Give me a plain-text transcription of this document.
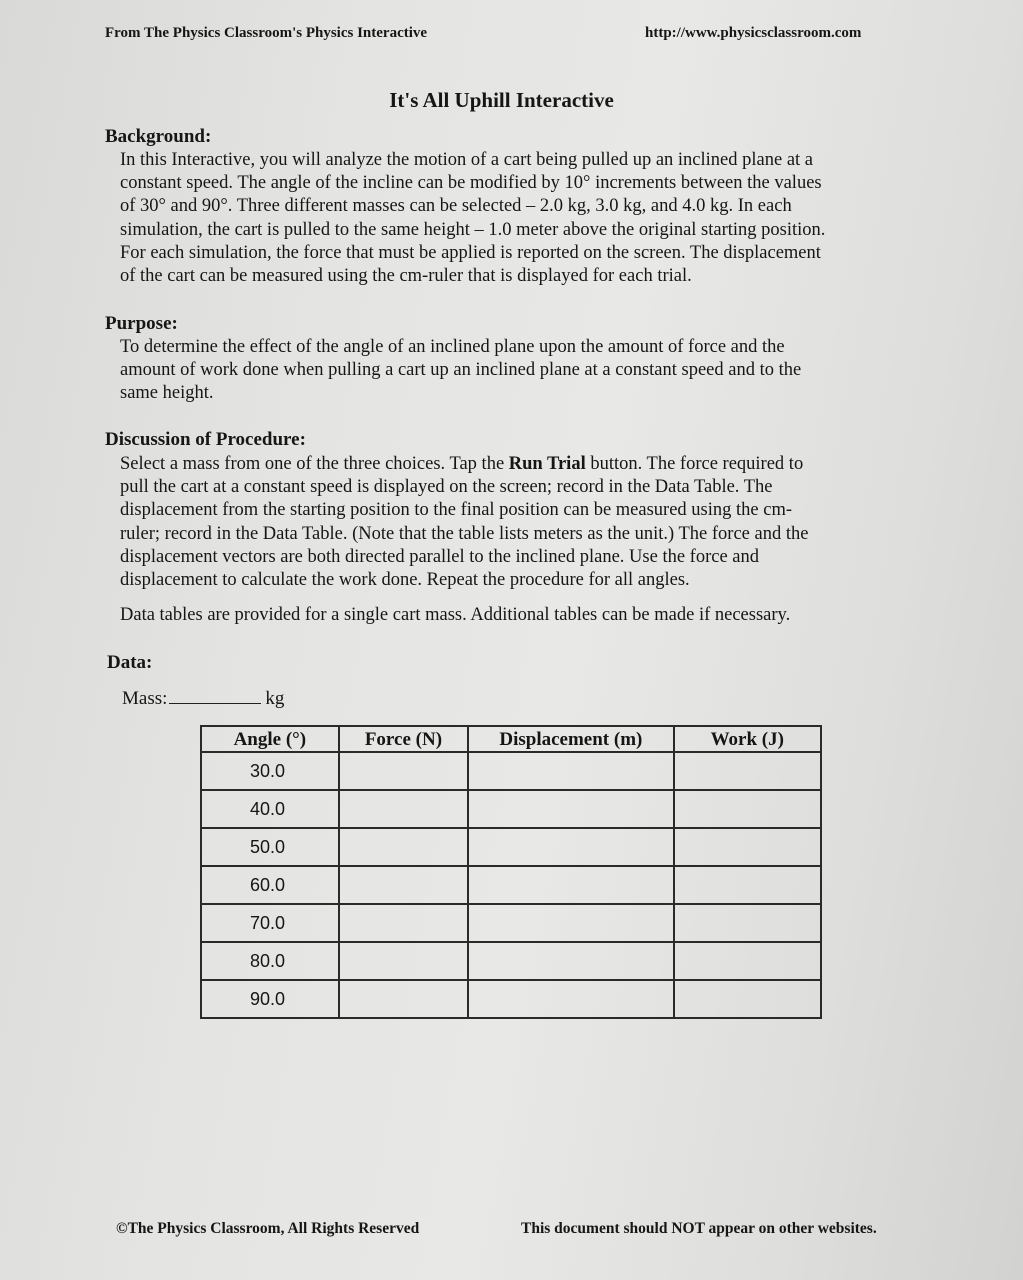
From The Physics Classroom's Physics Interactive	http://www.physicsclassroom.com
It's All Uphill Interactive
Background:
In this Interactive, you will analyze the motion of a cart being pulled up an inclined plane at a
constant speed. The angle of the incline can be modified by 10° increments between the values
of 30° and 90°. Three different masses can be selected – 2.0 kg, 3.0 kg, and 4.0 kg. In each
simulation, the cart is pulled to the same height – 1.0 meter above the original starting position.
For each simulation, the force that must be applied is reported on the screen. The displacement
of the cart can be measured using the cm-ruler that is displayed for each trial.
Purpose:
To determine the effect of the angle of an inclined plane upon the amount of force and the
amount of work done when pulling a cart up an inclined plane at a constant speed and to the
same height.
Discussion of Procedure:
Select a mass from one of the three choices. Tap the Run Trial button. The force required to
pull the cart at a constant speed is displayed on the screen; record in the Data Table. The
displacement from the starting position to the final position can be measured using the cm-
ruler; record in the Data Table. (Note that the table lists meters as the unit.) The force and the
displacement vectors are both directed parallel to the inclined plane. Use the force and
displacement to calculate the work done. Repeat the procedure for all angles.
Data tables are provided for a single cart mass. Additional tables can be made if necessary.
Data:
Mass:	kg
Angle (°)	Force (N)	Displacement (m)	Work (J)
30.0			
40.0			
50.0			
60.0			
70.0			
80.0			
90.0			
©The Physics Classroom, All Rights Reserved	This document should NOT appear on other websites.
